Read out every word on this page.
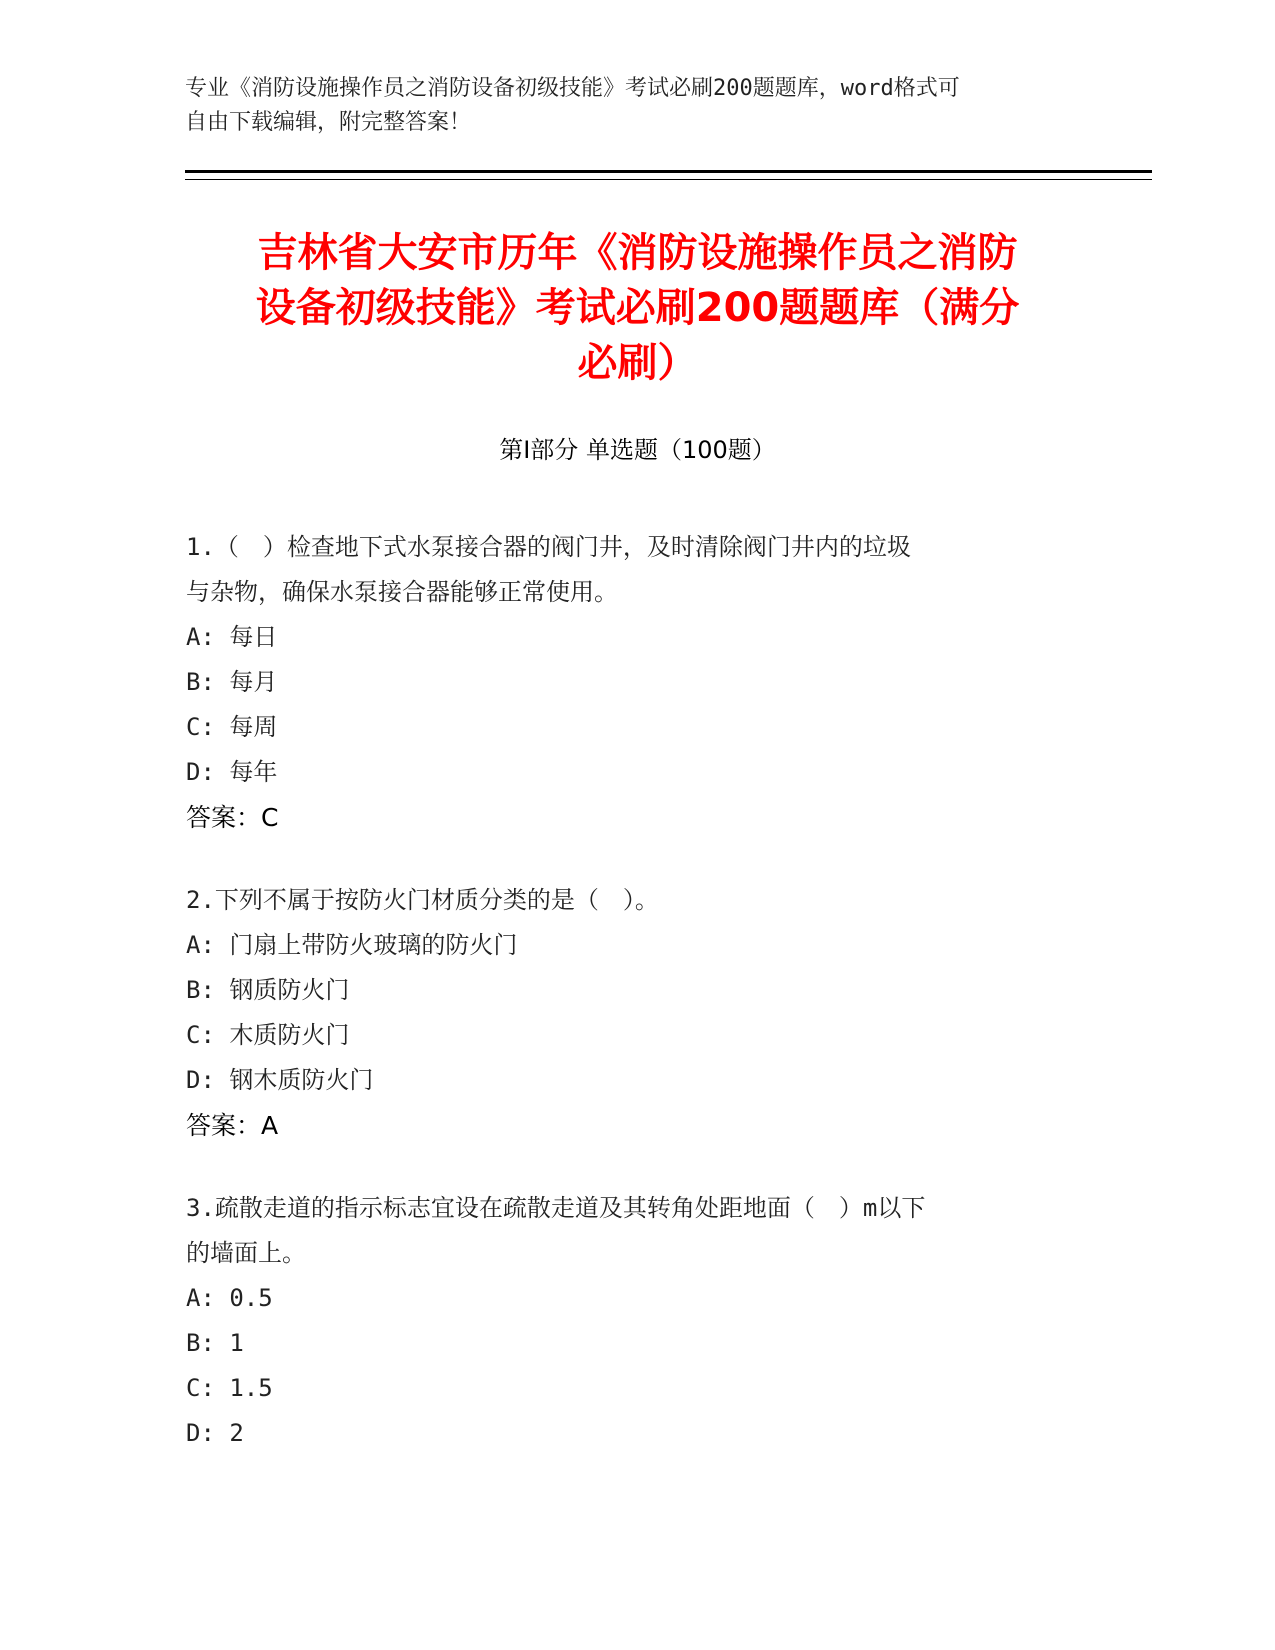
专业《消防设施操作员之消防设备初级技能》考试必刷200题题库，word格式可
自由下载编辑，附完整答案！
吉林省大安市历年《消防设施操作员之消防
设备初级技能》考试必刷200题题库（满分
必刷）
第Ⅰ部分 单选题（100题）
1.（　）检查地下式水泵接合器的阀门井，及时清除阀门井内的垃圾
与杂物，确保水泵接合器能够正常使用。
A: 每日
B: 每月
C: 每周
D: 每年
答案：C
2.下列不属于按防火门材质分类的是（　）。
A: 门扇上带防火玻璃的防火门
B: 钢质防火门
C: 木质防火门
D: 钢木质防火门
答案：A
3.疏散走道的指示标志宜设在疏散走道及其转角处距地面（　）m以下
的墙面上。
A: 0.5
B: 1
C: 1.5
D: 2
